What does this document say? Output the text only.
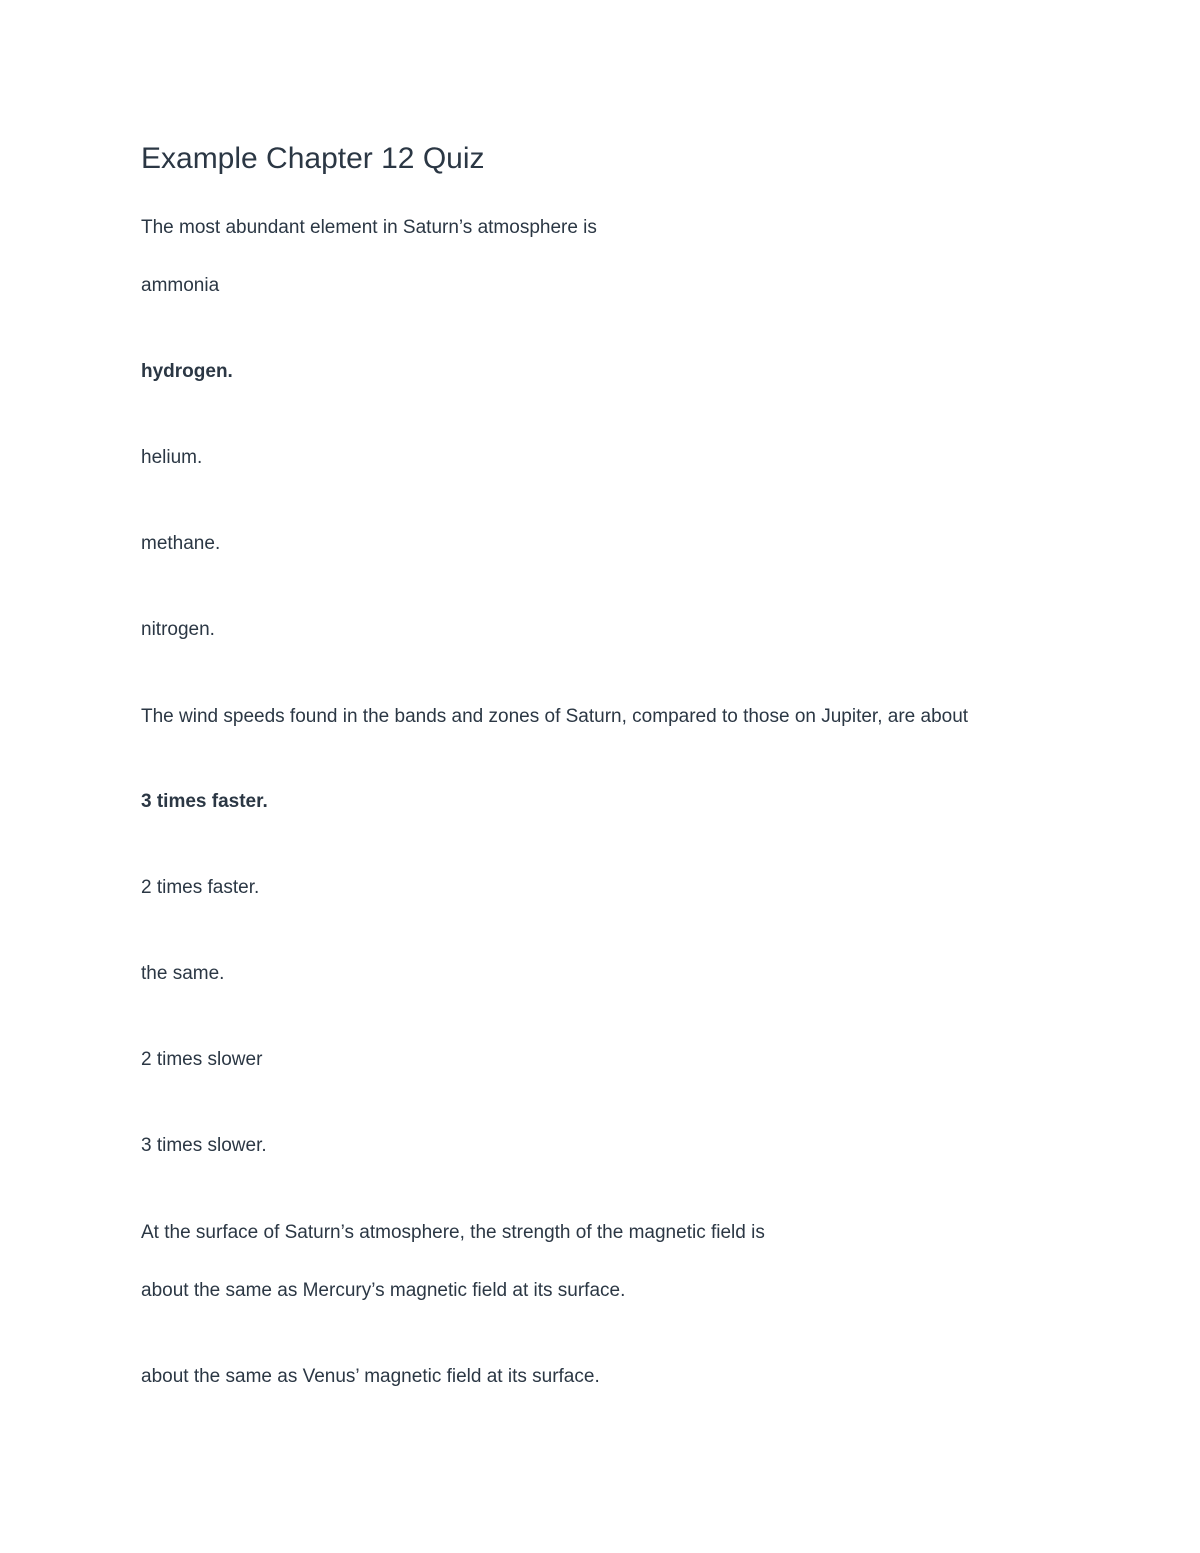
Example Chapter 12 Quiz
The most abundant element in Saturn’s atmosphere is
ammonia
hydrogen.
helium.
methane.
nitrogen.
The wind speeds found in the bands and zones of Saturn, compared to those on Jupiter, are about
3 times faster.
2 times faster.
the same.
2 times slower
3 times slower.
At the surface of Saturn’s atmosphere, the strength of the magnetic field is
about the same as Mercury’s magnetic field at its surface.
about the same as Venus’ magnetic field at its surface.
